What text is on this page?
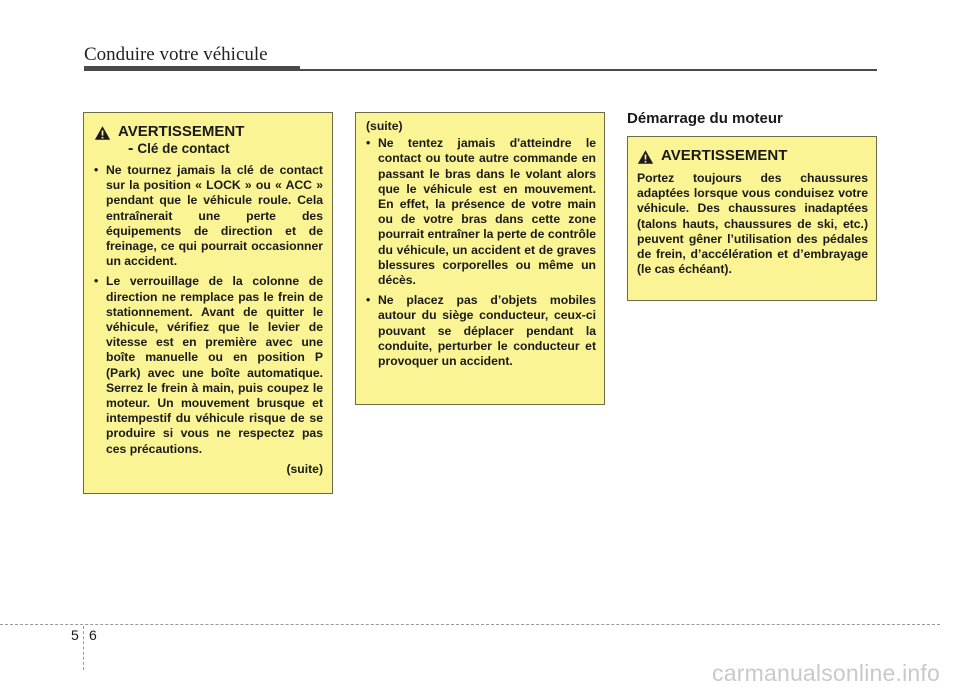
Conduire votre véhicule
Démarrage du moteur
AVERTISSEMENT
- Clé de contact
• Ne tournez jamais la clé de contact sur la position « LOCK » ou « ACC » pendant que le véhicule roule. Cela entraînerait une perte des équipements de direction et de freinage, ce qui pourrait occasionner un accident.
• Le verrouillage de la colonne de direction ne remplace pas le frein de stationnement. Avant de quitter le véhicule, vérifiez que le levier de vitesse est en première avec une boîte manuelle ou en position P (Park) avec une boîte automatique. Serrez le frein à main, puis coupez le moteur. Un mouvement brusque et intempestif du véhicule risque de se produire si vous ne respectez pas ces précautions.
(suite)
(suite)
• Ne tentez jamais d'atteindre le contact ou toute autre commande en passant le bras dans le volant alors que le véhicule est en mouvement. En effet, la présence de votre main ou de votre bras dans cette zone pourrait entraîner la perte de contrôle du véhicule, un accident et de graves blessures corporelles ou même un décès.
• Ne placez pas d’objets mobiles autour du siège conducteur, ceux-ci pouvant se déplacer pendant la conduite, perturber le conducteur et provoquer un accident.
AVERTISSEMENT
Portez toujours des chaussures adaptées lorsque vous conduisez votre véhicule. Des chaussures inadaptées (talons hauts, chaussures de ski, etc.) peuvent gêner l’utilisation des pédales de frein, d’accélération et d’embrayage (le cas échéant).
5 6
carmanualsonline.info
